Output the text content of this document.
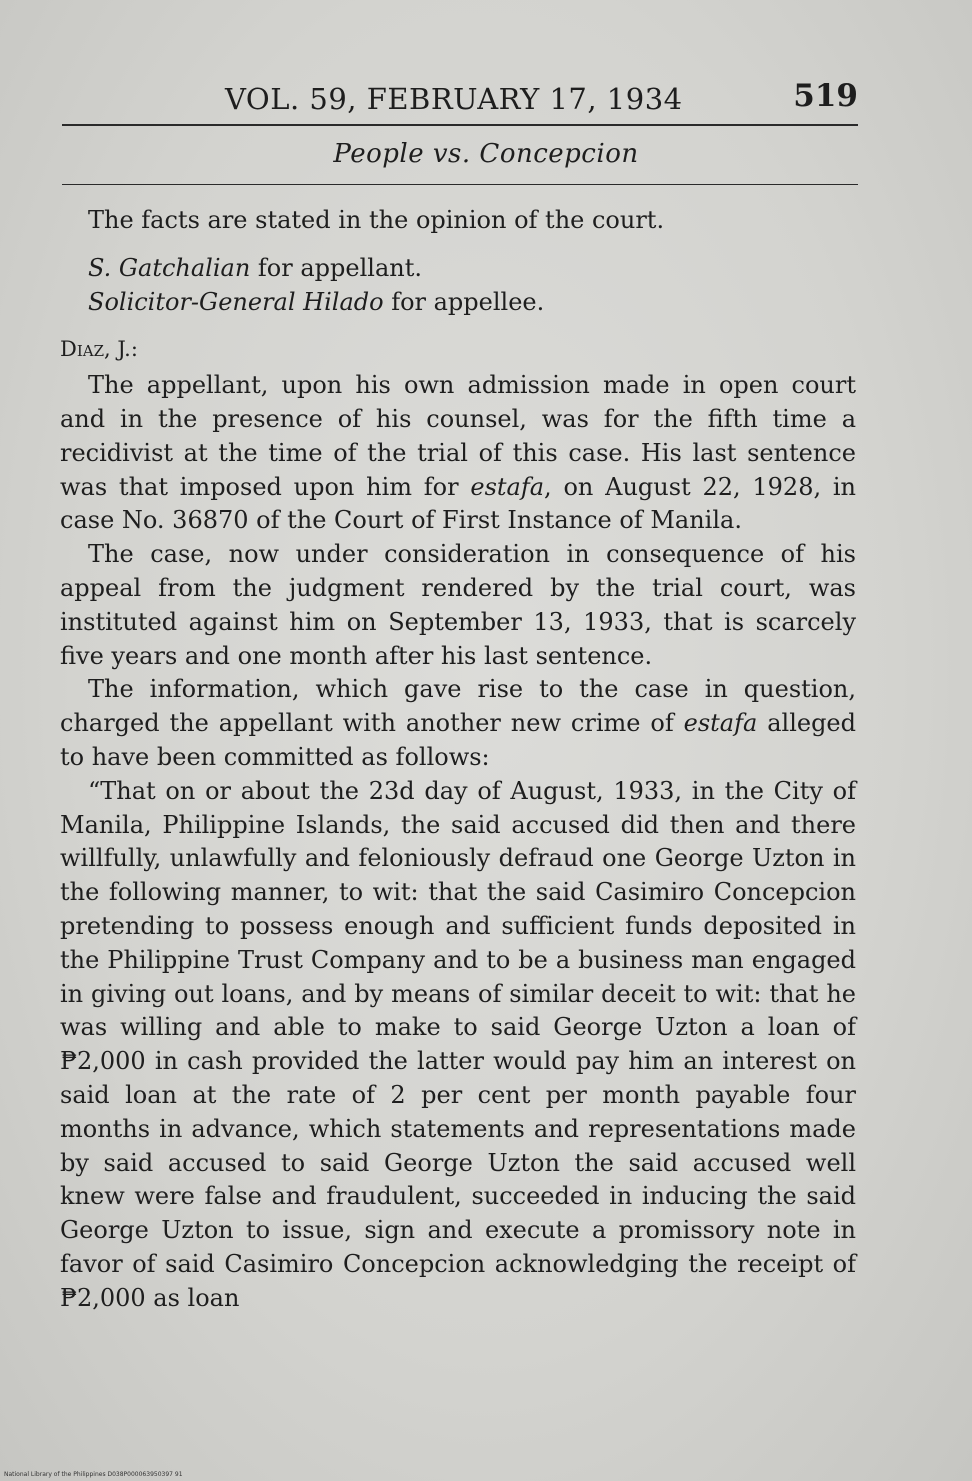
VOL. 59, FEBRUARY 17, 1934	519
People vs. Concepcion

The facts are stated in the opinion of the court.

S. Gatchalian for appellant.
Solicitor-General Hilado for appellee.
Diaz, J.:

The appellant, upon his own admission made in open court and in the presence of his counsel, was for the fifth time a recidivist at the time of the trial of this case. His last sentence was that imposed upon him for estafa, on August 22, 1928, in case No. 36870 of the Court of First Instance of Manila.

The case, now under consideration in consequence of his appeal from the judgment rendered by the trial court, was instituted against him on September 13, 1933, that is scarcely five years and one month after his last sentence.

The information, which gave rise to the case in question, charged the appellant with another new crime of estafa alleged to have been committed as follows:

“That on or about the 23d day of August, 1933, in the City of Manila, Philippine Islands, the said accused did then and there willfully, unlawfully and feloniously defraud one George Uzton in the following manner, to wit: that the said Casimiro Concepcion pretending to possess enough and sufficient funds deposited in the Philippine Trust Company and to be a business man engaged in giving out loans, and by means of similar deceit to wit: that he was willing and able to make to said George Uzton a loan of ₱2,000 in cash provided the latter would pay him an interest on said loan at the rate of 2 per cent per month payable four months in advance, which statements and representations made by said accused to said George Uzton the said accused well knew were false and fraudulent, succeeded in inducing the said George Uzton to issue, sign and execute a promissory note in favor of said Casimiro Concepcion acknowledging the receipt of ₱2,000 as loan

National Library of the Philippines D038P000063950397 91
